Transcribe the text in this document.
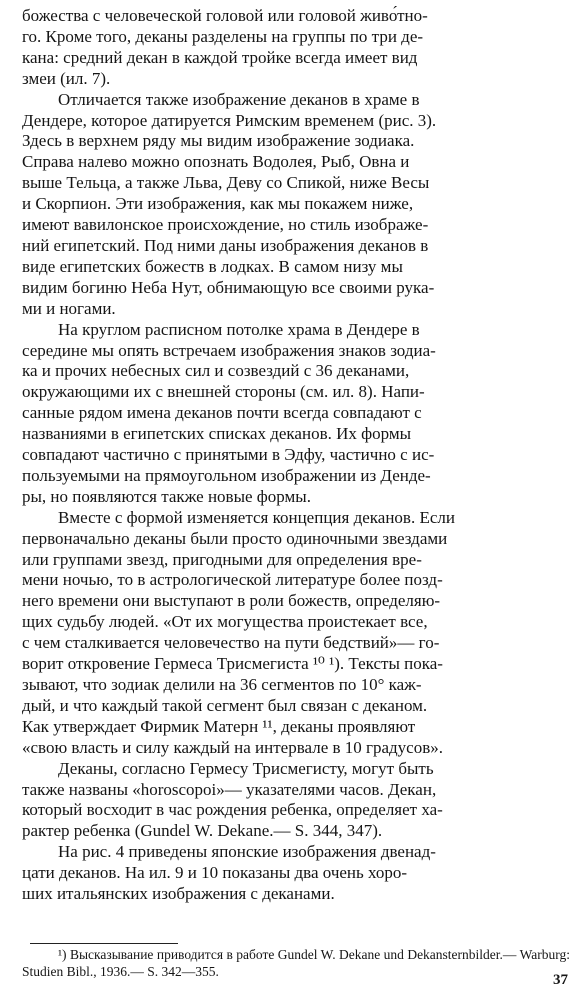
божества с человеческой головой или головой живо́тно-
го. Кроме того, деканы разделены на группы по три де-
кана: средний декан в каждой тройке всегда имеет вид
змеи (ил. 7).

Отличается также изображение деканов в храме в
Дендере, которое датируется Римским временем (рис. 3).
Здесь в верхнем ряду мы видим изображение зодиака.
Справа налево можно опознать Водолея, Рыб, Овна и
выше Тельца, а также Льва, Деву со Спикой, ниже Весы
и Скорпион. Эти изображения, как мы покажем ниже,
имеют вавилонское происхождение, но стиль изображе-
ний египетский. Под ними даны изображения деканов в
виде египетских божеств в лодках. В самом низу мы
видим богиню Неба Нут, обнимающую все своими рука-
ми и ногами.

На круглом расписном потолке храма в Дендере в
середине мы опять встречаем изображения знаков зодиа-
ка и прочих небесных сил и созвездий с 36 деканами,
окружающими их с внешней стороны (см. ил. 8). Напи-
санные рядом имена деканов почти всегда совпадают с
названиями в египетских списках деканов. Их формы
совпадают частично с принятыми в Эдфу, частично с ис-
пользуемыми на прямоугольном изображении из Денде-
ры, но появляются также новые формы.

Вместе с формой изменяется концепция деканов. Если
первоначально деканы были просто одиночными звездами
или группами звезд, пригодными для определения вре-
мени ночью, то в астрологической литературе более позд-
него времени они выступают в роли божеств, определяю-
щих судьбу людей. «От их могущества проистекает все,
с чем сталкивается человечество на пути бедствий»— го-
ворит откровение Гермеса Трисмегиста ¹⁰ ¹). Тексты пока-
зывают, что зодиак делили на 36 сегментов по 10° каж-
дый, и что каждый такой сегмент был связан с деканом.
Как утверждает Фирмик Матерн ¹¹, деканы проявляют
«свою власть и силу каждый на интервале в 10 градусов».

Деканы, согласно Гермесу Трисмегисту, могут быть
также названы «horoscopoi»— указателями часов. Декан,
который восходит в час рождения ребенка, определяет ха-
рактер ребенка (Gundel W. Dekane.— S. 344, 347).

На рис. 4 приведены японские изображения двенад-
цати деканов. На ил. 9 и 10 показаны два очень хоро-
ших итальянских изображения с деканами.

¹) Высказывание приводится в работе Gundel W. Dekane und Dekansternbilder.— Warburg: Studien Bibl., 1936.— S. 342—355.
37
